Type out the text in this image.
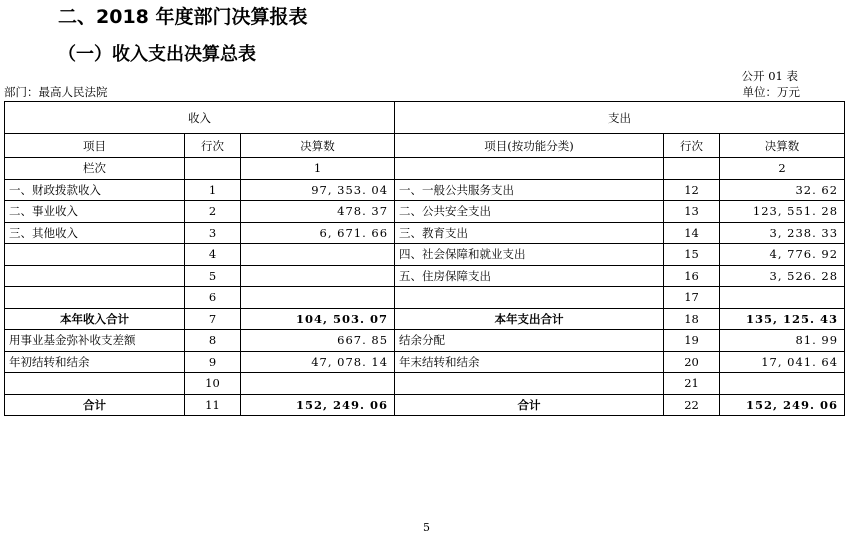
二、2018 年度部门决算报表
（一）收入支出决算总表
公开 01 表
部门：最高人民法院	单位：万元
收入			支出		
项目	行次	决算数	项目(按功能分类)	行次	决算数
栏次		1			2
一、财政拨款收入	1	97, 353. 04	一、一般公共服务支出	12	32. 62
二、事业收入	2	478. 37	二、公共安全支出	13	123, 551. 28
三、其他收入	3	6, 671. 66	三、教育支出	14	3, 238. 33
	4		四、社会保障和就业支出	15	4, 776. 92
	5		五、住房保障支出	16	3, 526. 28
	6			17	
本年收入合计	7	104, 503. 07	本年支出合计	18	135, 125. 43
用事业基金弥补收支差额	8	667. 85	结余分配	19	81. 99
年初结转和结余	9	47, 078. 14	年末结转和结余	20	17, 041. 64
	10			21	
合计	11	152, 249. 06	合计	22	152, 249. 06
5
